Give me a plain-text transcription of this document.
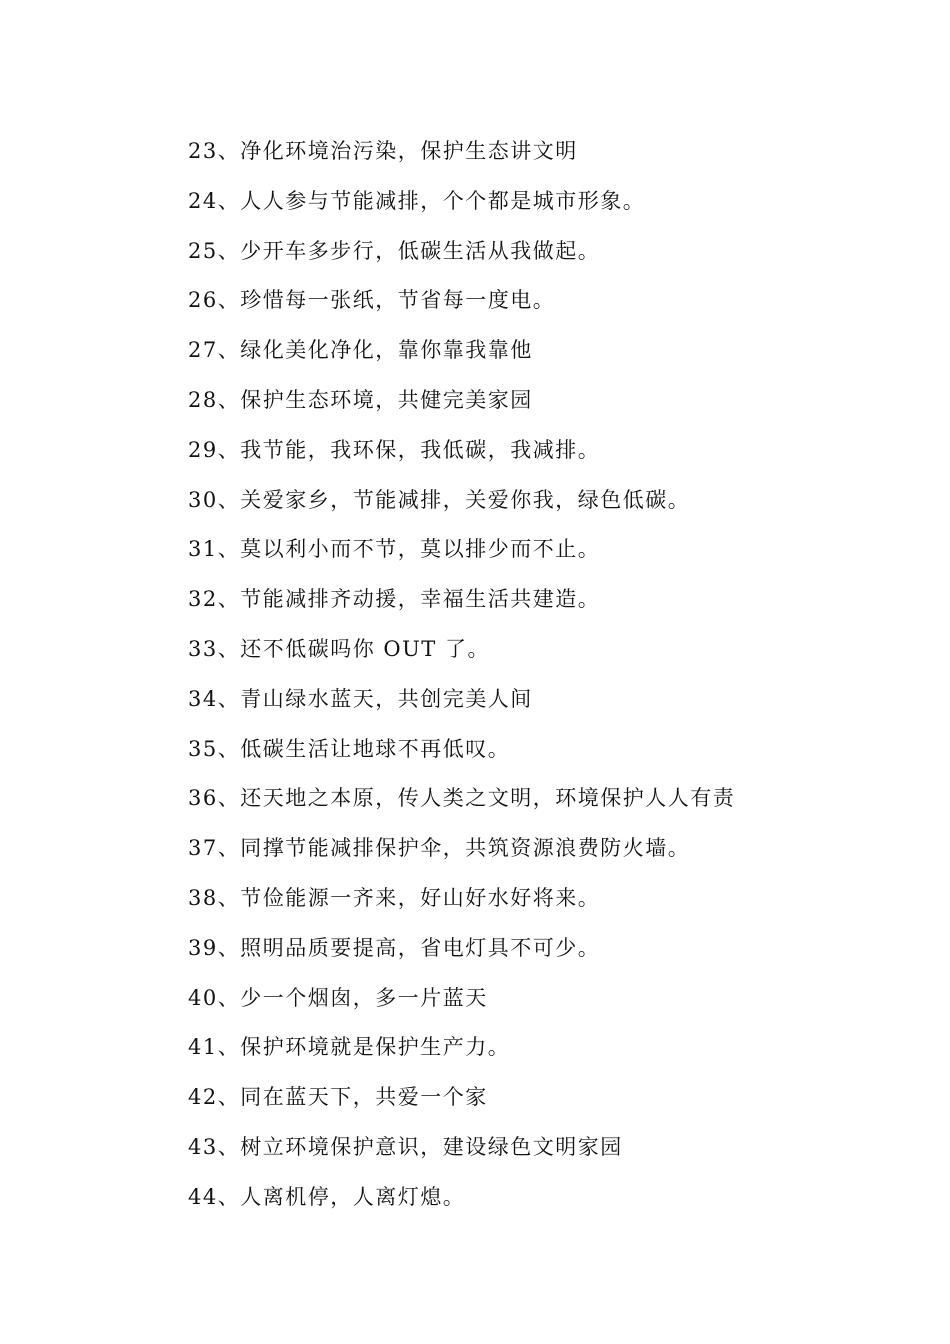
23、净化环境治污染，保护生态讲文明
24、人人参与节能减排，个个都是城市形象。
25、少开车多步行，低碳生活从我做起。
26、珍惜每一张纸，节省每一度电。
27、绿化美化净化，靠你靠我靠他
28、保护生态环境，共健完美家园
29、我节能，我环保，我低碳，我减排。
30、关爱家乡，节能减排，关爱你我，绿色低碳。
31、莫以利小而不节，莫以排少而不止。
32、节能减排齐动援，幸福生活共建造。
33、还不低碳吗你 OUT 了。
34、青山绿水蓝天，共创完美人间
35、低碳生活让地球不再低叹。
36、还天地之本原，传人类之文明，环境保护人人有责
37、同撑节能减排保护伞，共筑资源浪费防火墙。
38、节俭能源一齐来，好山好水好将来。
39、照明品质要提高，省电灯具不可少。
40、少一个烟囱，多一片蓝天
41、保护环境就是保护生产力。
42、同在蓝天下，共爱一个家
43、树立环境保护意识，建设绿色文明家园
44、人离机停，人离灯熄。
